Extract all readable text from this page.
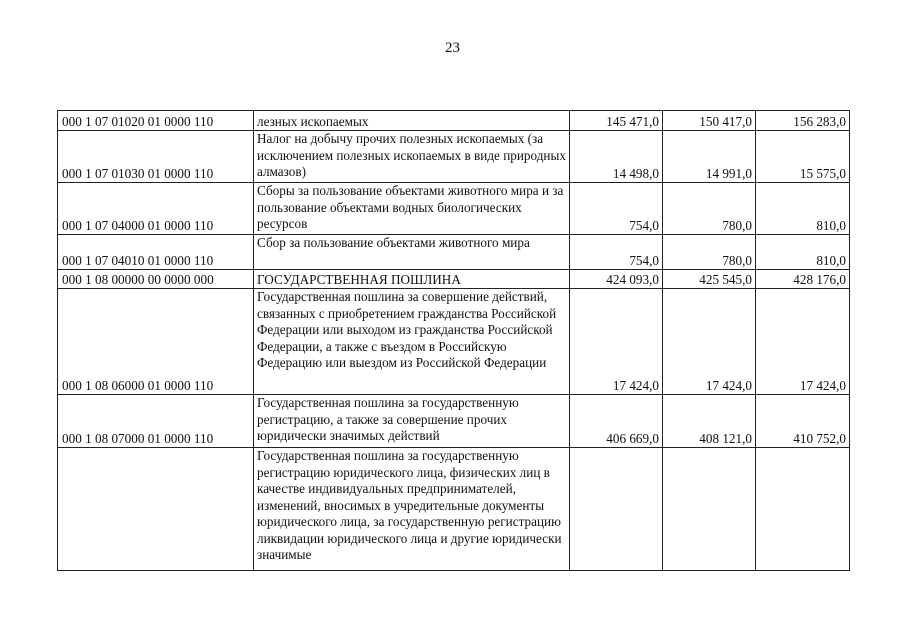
23
000 1 07 01020 01 0000 110	лезных ископаемых	145 471,0	150 417,0	156 283,0
000 1 07 01030 01 0000 110	Налог на добычу прочих полезных ископаемых (за исключением полезных ископаемых в виде природных алмазов)	14 498,0	14 991,0	15 575,0
000 1 07 04000 01 0000 110	Сборы за пользование объектами животного мира и за пользование объектами водных биологических ресурсов	754,0	780,0	810,0
000 1 07 04010 01 0000 110	Сбор за пользование объектами животного мира	754,0	780,0	810,0
000 1 08 00000 00 0000 000	ГОСУДАРСТВЕННАЯ ПОШЛИНА	424 093,0	425 545,0	428 176,0
000 1 08 06000 01 0000 110	Государственная пошлина за совершение действий, связанных с приобретением гражданства Российской Федерации или выходом из гражданства Российской Федерации, а также с въездом в Российскую Федерацию или выездом из Российской Федерации	17 424,0	17 424,0	17 424,0
000 1 08 07000 01 0000 110	Государственная пошлина за государственную регистрацию, а также за совершение прочих юридически значимых действий	406 669,0	408 121,0	410 752,0
	Государственная пошлина за государственную регистрацию юридического лица, физических лиц в качестве индивидуальных предпринимателей, изменений, вносимых в учредительные документы юридического лица, за государственную регистрацию ликвидации юридического лица и другие юридически значимые			
